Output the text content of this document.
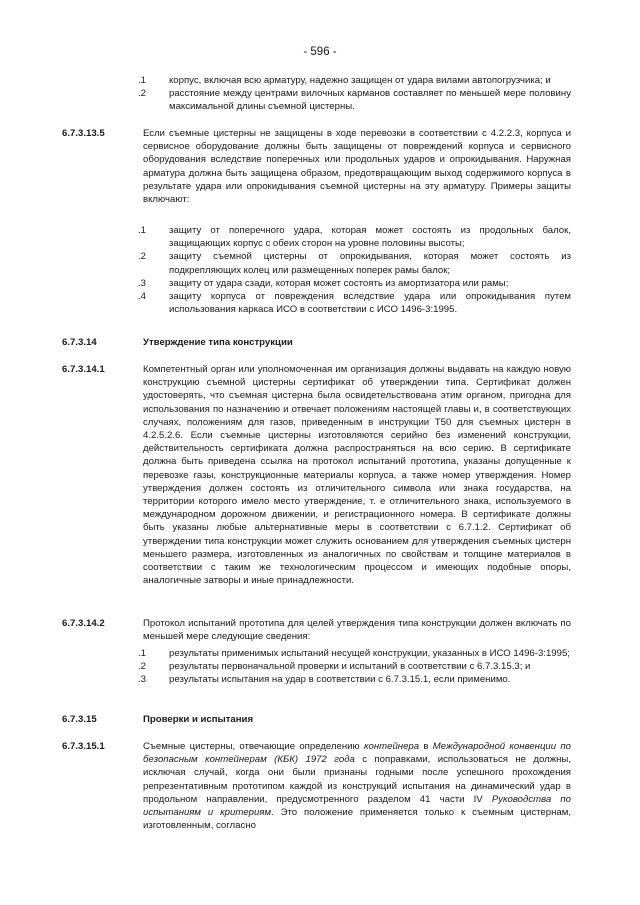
- 596 -
.1 корпус, включая всю арматуру, надежно защищен от удара вилами автопогрузчика; и
.2 расстояние между центрами вилочных карманов составляет по меньшей мере половину максимальной длины съемной цистерны.
6.7.3.13.5	Если съемные цистерны не защищены в ходе перевозки в соответствии с 4.2.2.3, корпуса и сервисное оборудование должны быть защищены от повреждений корпуса и сервисного оборудования вследствие поперечных или продольных ударов и опрокидывания. Наружная арматура должна быть защищена образом, предотвращающим выход содержимого корпуса в результате удара или опрокидывания съемной цистерны на эту арматуру. Примеры защиты включают:
.1 защиту от поперечного удара, которая может состоять из продольных балок, защищающих корпус с обеих сторон на уровне половины высоты;
.2 защиту съемной цистерны от опрокидывания, которая может состоять из подкрепляющих колец или размещенных поперек рамы балок;
.3 защиту от удара сзади, которая может состоять из амортизатора или рамы;
.4 защиту корпуса от повреждения вследствие удара или опрокидывания путем использования каркаса ИСО в соответствии с ИСО 1496-3:1995.
6.7.3.14	Утверждение типа конструкции
6.7.3.14.1	Компетентный орган или уполномоченная им организация должны выдавать на каждую новую конструкцию съемной цистерны сертификат об утверждении типа. Сертификат должен удостоверять, что съемная цистерна была освидетельствована этим органом, пригодна для использования по назначению и отвечает положениям настоящей главы и, в соответствующих случаях, положениям для газов, приведенным в инструкции T50 для съемных цистерн в 4.2.5.2.6. Если съемные цистерны изготовляются серийно без изменений конструкции, действительность сертификата должна распространяться на всю серию. В сертификате должна быть приведена ссылка на протокол испытаний прототипа, указаны допущенные к перевозке газы, конструкционные материалы корпуса, а также номер утверждения. Номер утверждения должен состоять из отличительного символа или знака государства, на территории которого имело место утверждение, т. е отличительного знака, используемого в международном дорожном движении, и регистрационного номера. В сертификате должны быть указаны любые альтернативные меры в соответствии с 6.7.1.2. Сертификат об утверждении типа конструкции может служить основанием для утверждения съемных цистерн меньшего размера, изготовленных из аналогичных по свойствам и толщине материалов в соответствии с таким же технологическим процессом и имеющих подобные опоры, аналогичные затворы и иные принадлежности.
6.7.3.14.2	Протокол испытаний прототипа для целей утверждения типа конструкции должен включать по меньшей мере следующие сведения:
.1 результаты применимых испытаний несущей конструкции, указанных в ИСО 1496-3:1995;
.2 результаты первоначальной проверки и испытаний в соответствии с 6.7.3.15.3; и
.3 результаты испытания на удар в соответствии с 6.7.3.15.1, если применимо.
6.7.3.15	Проверки и испытания
6.7.3.15.1	Съемные цистерны, отвечающие определению контейнера в Международной конвенции по безопасным контейнерам (КБК) 1972 года с поправками, использоваться не должны, исключая случай, когда они были признаны годными после успешного прохождения репрезентативным прототипом каждой из конструкций испытания на динамический удар в продольном направлении, предусмотренного разделом 41 части IV Руководства по испытаниям и критериям. Это положение применяется только к съемным цистернам, изготовленным, согласно
